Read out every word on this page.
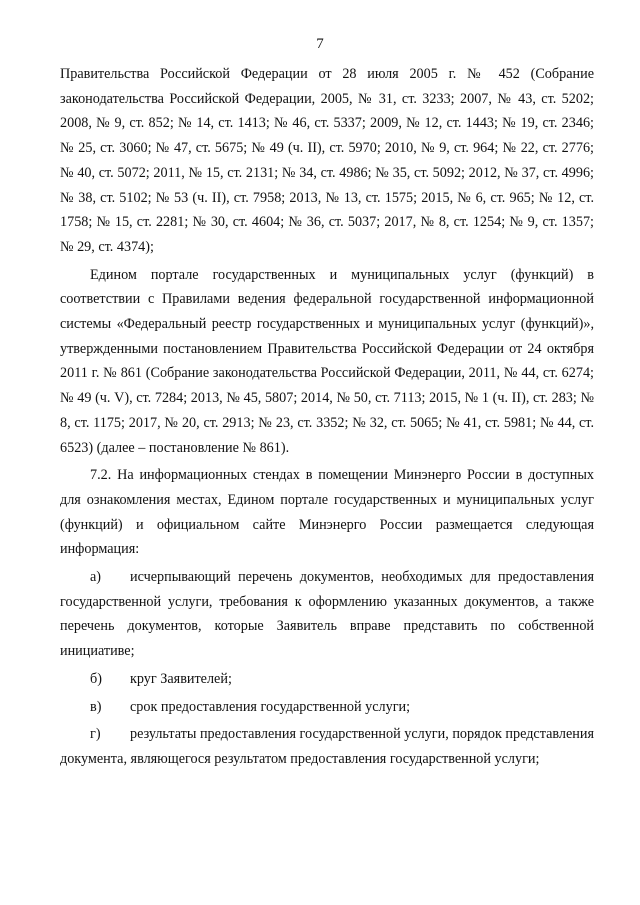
7

Правительства Российской Федерации от 28 июля 2005 г. № 452 (Собрание законодательства Российской Федерации, 2005, № 31, ст. 3233; 2007, № 43, ст. 5202; 2008, № 9, ст. 852; № 14, ст. 1413; № 46, ст. 5337; 2009, № 12, ст. 1443; № 19, ст. 2346; № 25, ст. 3060; № 47, ст. 5675; № 49 (ч. II), ст. 5970; 2010, № 9, ст. 964; № 22, ст. 2776; № 40, ст. 5072; 2011, № 15, ст. 2131; № 34, ст. 4986; № 35, ст. 5092; 2012, № 37, ст. 4996; № 38, ст. 5102; № 53 (ч. II), ст. 7958; 2013, № 13, ст. 1575; 2015, № 6, ст. 965; № 12, ст. 1758; № 15, ст. 2281; № 30, ст. 4604; № 36, ст. 5037; 2017, № 8, ст. 1254; № 9, ст. 1357; № 29, ст. 4374);

Едином портале государственных и муниципальных услуг (функций) в соответствии с Правилами ведения федеральной государственной информационной системы «Федеральный реестр государственных и муниципальных услуг (функций)», утвержденными постановлением Правительства Российской Федерации от 24 октября 2011 г. № 861 (Собрание законодательства Российской Федерации, 2011, № 44, ст. 6274; № 49 (ч. V), ст. 7284; 2013, № 45, 5807; 2014, № 50, ст. 7113; 2015, № 1 (ч. II), ст. 283; № 8, ст. 1175; 2017, № 20, ст. 2913; № 23, ст. 3352; № 32, ст. 5065; № 41, ст. 5981; № 44, ст. 6523) (далее – постановление № 861).

7.2. На информационных стендах в помещении Минэнерго России в доступных для ознакомления местах, Едином портале государственных и муниципальных услуг (функций) и официальном сайте Минэнерго России размещается следующая информация:

а) исчерпывающий перечень документов, необходимых для предоставления государственной услуги, требования к оформлению указанных документов, а также перечень документов, которые Заявитель вправе представить по собственной инициативе;

б) круг Заявителей;

в) срок предоставления государственной услуги;

г) результаты предоставления государственной услуги, порядок представления документа, являющегося результатом предоставления государственной услуги;
